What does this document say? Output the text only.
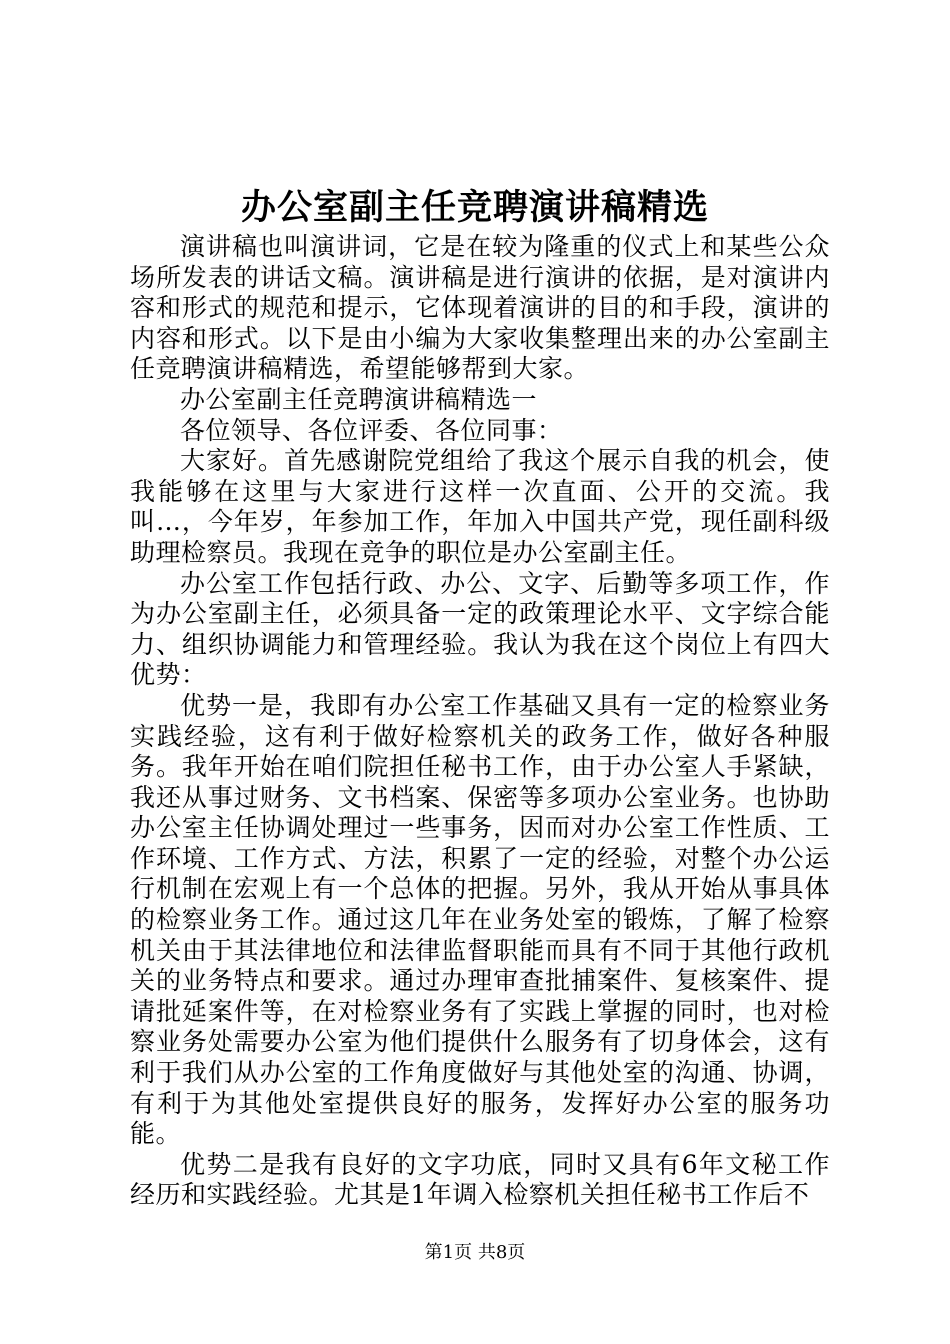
办公室副主任竞聘演讲稿精选

演讲稿也叫演讲词，它是在较为隆重的仪式上和某些公众场所发表的讲话文稿。演讲稿是进行演讲的依据，是对演讲内容和形式的规范和提示，它体现着演讲的目的和手段，演讲的内容和形式。以下是由小编为大家收集整理出来的办公室副主任竞聘演讲稿精选，希望能够帮到大家。

办公室副主任竞聘演讲稿精选一

各位领导、各位评委、各位同事：

大家好。首先感谢院党组给了我这个展示自我的机会，使我能够在这里与大家进行这样一次直面、公开的交流。我叫…，今年岁，年参加工作，年加入中国共产党，现任副科级助理检察员。我现在竞争的职位是办公室副主任。

办公室工作包括行政、办公、文字、后勤等多项工作，作为办公室副主任，必须具备一定的政策理论水平、文字综合能力、组织协调能力和管理经验。我认为我在这个岗位上有四大优势：

优势一是，我即有办公室工作基础又具有一定的检察业务实践经验，这有利于做好检察机关的政务工作，做好各种服务。我年开始在咱们院担任秘书工作，由于办公室人手紧缺，我还从事过财务、文书档案、保密等多项办公室业务。也协助办公室主任协调处理过一些事务，因而对办公室工作性质、工作环境、工作方式、方法，积累了一定的经验，对整个办公运行机制在宏观上有一个总体的把握。另外，我从开始从事具体的检察业务工作。通过这几年在业务处室的锻炼，了解了检察机关由于其法律地位和法律监督职能而具有不同于其他行政机关的业务特点和要求。通过办理审查批捕案件、复核案件、提请批延案件等，在对检察业务有了实践上掌握的同时，也对检察业务处需要办公室为他们提供什么服务有了切身体会，这有利于我们从办公室的工作角度做好与其他处室的沟通、协调，有利于为其他处室提供良好的服务，发挥好办公室的服务功能。

优势二是我有良好的文字功底，同时又具有6年文秘工作经历和实践经验。尤其是1年调入检察机关担任秘书工作后不

第1页 共8页
